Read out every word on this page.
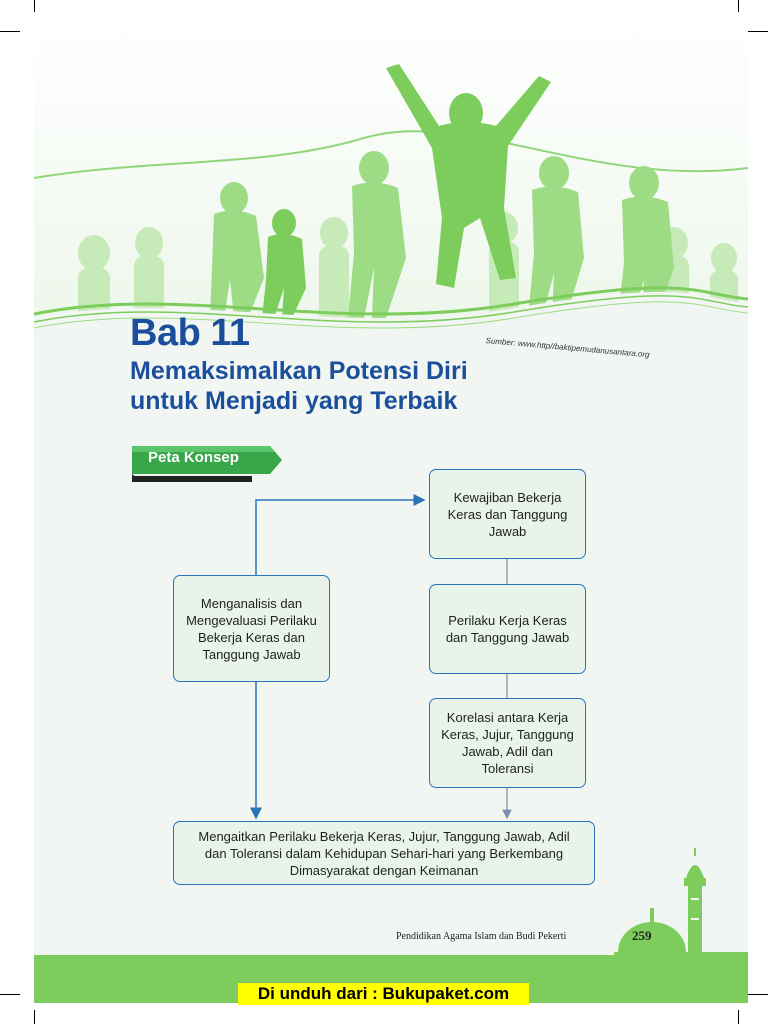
Sumber: www.http//baktipemudanusantara.org
Bab 11
Memaksimalkan Potensi Diri
untuk Menjadi yang Terbaik
Peta Konsep
Kewajiban Bekerja Keras dan Tanggung Jawab
Perilaku Kerja Keras dan Tanggung Jawab
Korelasi antara Kerja Keras, Jujur, Tanggung Jawab, Adil dan Toleransi
Menganalisis dan Mengevaluasi Perilaku Bekerja Keras dan Tanggung Jawab
Mengaitkan Perilaku Bekerja Keras, Jujur, Tanggung Jawab, Adil dan Toleransi dalam Kehidupan Sehari-hari yang Berkembang Dimasyarakat dengan Keimanan
Pendidikan Agama Islam dan Budi Pekerti	259
Di unduh dari : Bukupaket.com
